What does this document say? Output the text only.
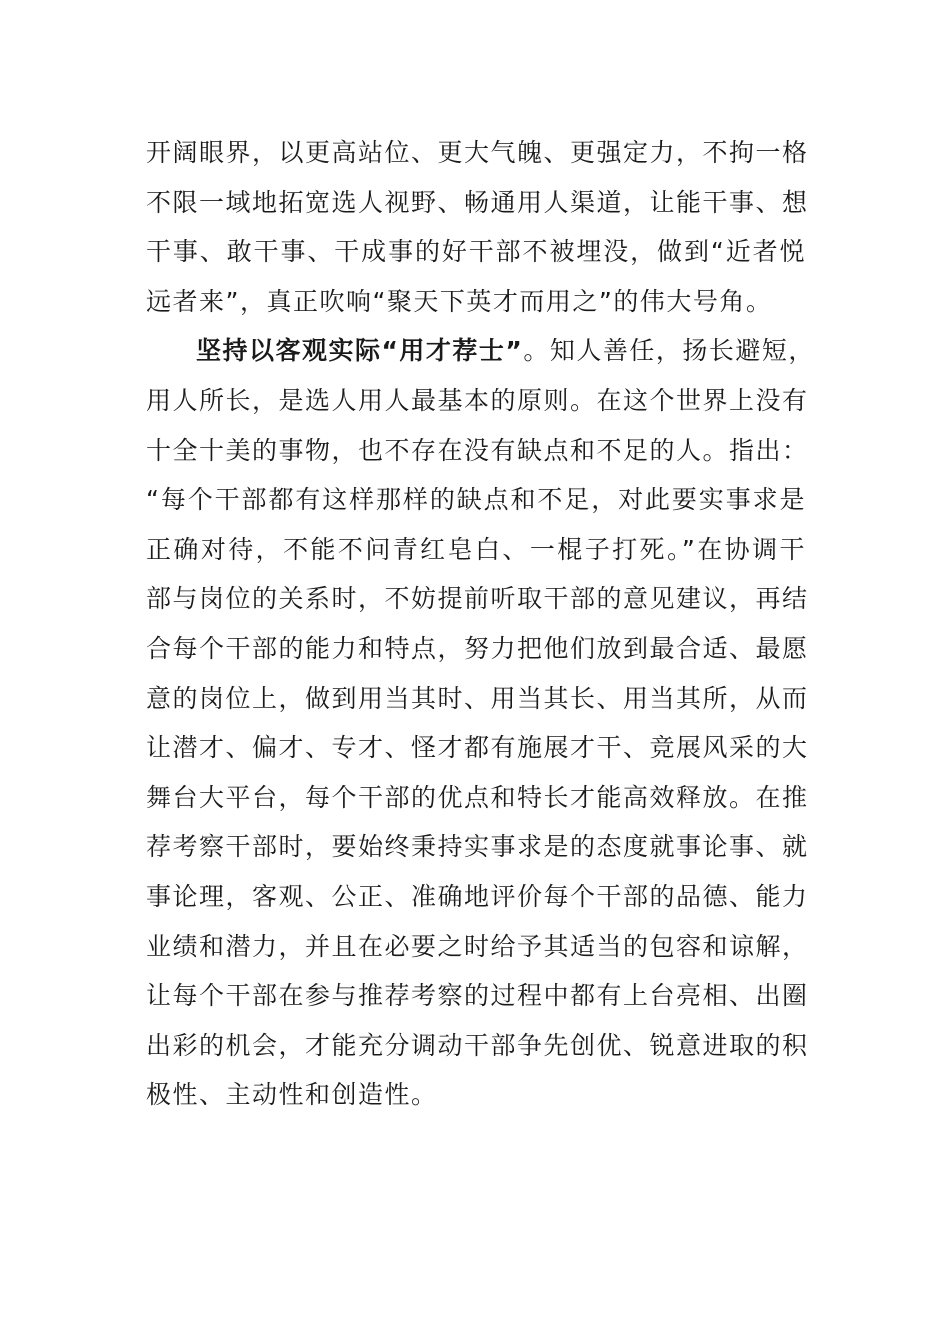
开阔眼界，以更高站位、更大气魄、更强定力，不拘一格
不限一域地拓宽选人视野、畅通用人渠道，让能干事、想
干事、敢干事、干成事的好干部不被埋没，做到“近者悦
远者来”，真正吹响“聚天下英才而用之”的伟大号角。
坚持以客观实际“用才荐士”。知人善任，扬长避短，
用人所长，是选人用人最基本的原则。在这个世界上没有
十全十美的事物，也不存在没有缺点和不足的人。指出：
“每个干部都有这样那样的缺点和不足，对此要实事求是
正确对待，不能不问青红皂白、一棍子打死。”在协调干
部与岗位的关系时，不妨提前听取干部的意见建议，再结
合每个干部的能力和特点，努力把他们放到最合适、最愿
意的岗位上，做到用当其时、用当其长、用当其所，从而
让潜才、偏才、专才、怪才都有施展才干、竞展风采的大
舞台大平台，每个干部的优点和特长才能高效释放。在推
荐考察干部时，要始终秉持实事求是的态度就事论事、就
事论理，客观、公正、准确地评价每个干部的品德、能力
业绩和潜力，并且在必要之时给予其适当的包容和谅解，
让每个干部在参与推荐考察的过程中都有上台亮相、出圈
出彩的机会，才能充分调动干部争先创优、锐意进取的积
极性、主动性和创造性。
